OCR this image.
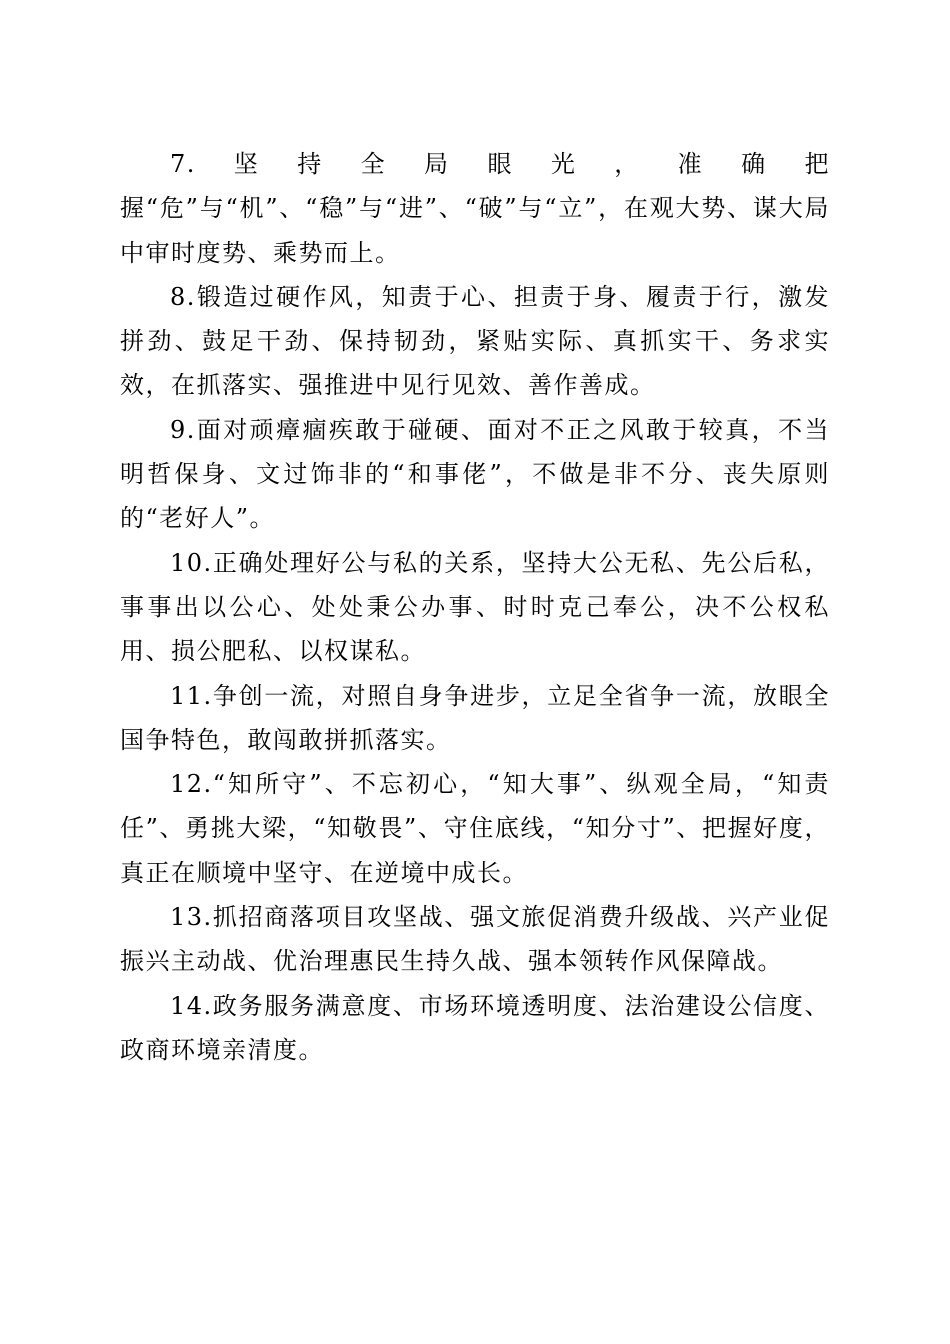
7.坚持全局眼光，准确把握“危”与“机”、“稳”与“进”、“破”与“立”，在观大势、谋大局中审时度势、乘势而上。

8.锻造过硬作风，知责于心、担责于身、履责于行，激发拼劲、鼓足干劲、保持韧劲，紧贴实际、真抓实干、务求实效，在抓落实、强推进中见行见效、善作善成。

9.面对顽瘴痼疾敢于碰硬、面对不正之风敢于较真，不当明哲保身、文过饰非的“和事佬”，不做是非不分、丧失原则的“老好人”。

10.正确处理好公与私的关系，坚持大公无私、先公后私，事事出以公心、处处秉公办事、时时克己奉公，决不公权私用、损公肥私、以权谋私。

11.争创一流，对照自身争进步，立足全省争一流，放眼全国争特色，敢闯敢拼抓落实。

12.“知所守”、不忘初心，“知大事”、纵观全局，“知责任”、勇挑大梁，“知敬畏”、守住底线，“知分寸”、把握好度，真正在顺境中坚守、在逆境中成长。

13.抓招商落项目攻坚战、强文旅促消费升级战、兴产业促振兴主动战、优治理惠民生持久战、强本领转作风保障战。

14.政务服务满意度、市场环境透明度、法治建设公信度、政商环境亲清度。
